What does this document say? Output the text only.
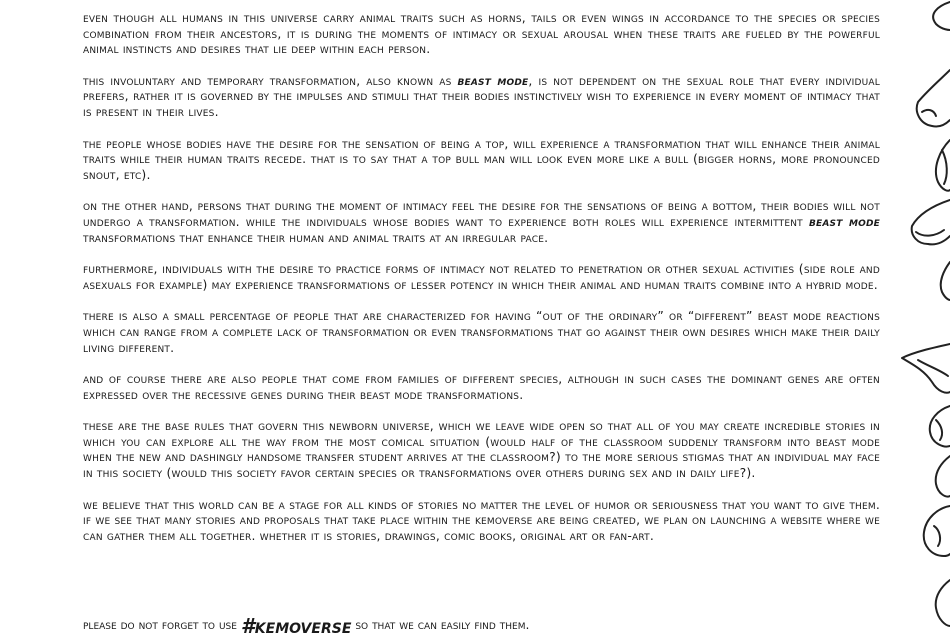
even though all humans in this universe carry animal traits such as horns, tails or even wings in accordance to the species or species combination from their ancestors, it is during the moments of intimacy or sexual arousal when these traits are fueled by the powerful animal instincts and desires that lie deep within each person.

this involuntary and temporary transformation, also known as beast mode, is not dependent on the sexual role that every individual prefers, rather it is governed by the impulses and stimuli that their bodies instinctively wish to experience in every moment of intimacy that is present in their lives.

the people whose bodies have the desire for the sensation of being a top, will experience a transformation that will enhance their animal traits while their human traits recede. that is to say that a top bull man will look even more like a bull (bigger horns, more pronounced snout, etc).

on the other hand, persons that during the moment of intimacy feel the desire for the sensations of being a bottom, their bodies will not undergo a transformation. while the individuals whose bodies want to experience both roles will experience intermittent beast mode transformations that enhance their human and animal traits at an irregular pace.

furthermore, individuals with the desire to practice forms of intimacy not related to penetration or other sexual activities (side role and asexuals for example) may experience transformations of lesser potency in which their animal and human traits combine into a hybrid mode.

there is also a small percentage of people that are characterized for having “out of the ordinary” or “different” beast mode reactions which can range from a complete lack of transformation or even transformations that go against their own desires which make their daily living different.

and of course there are also people that come from families of different species, although in such cases the dominant genes are often expressed over the recessive genes during their beast mode transformations.

these are the base rules that govern this newborn universe, which we leave wide open so that all of you may create incredible stories in which you can explore all the way from the most comical situation (would half of the classroom suddenly transform into beast mode when the new and dashingly handsome transfer student arrives at the classroom?) to the more serious stigmas that an individual may face in this society (would this society favor certain species or transformations over others during sex and in daily life?).

we believe that this world can be a stage for all kinds of stories no matter the level of humor or seriousness that you want to give them. if we see that many stories and proposals that take place within the kemoverse are being created, we plan on launching a website where we can gather them all together. whether it is stories, drawings, comic books, original art or fan-art.

please do not forget to use #kemoverse so that we can easily find them.
